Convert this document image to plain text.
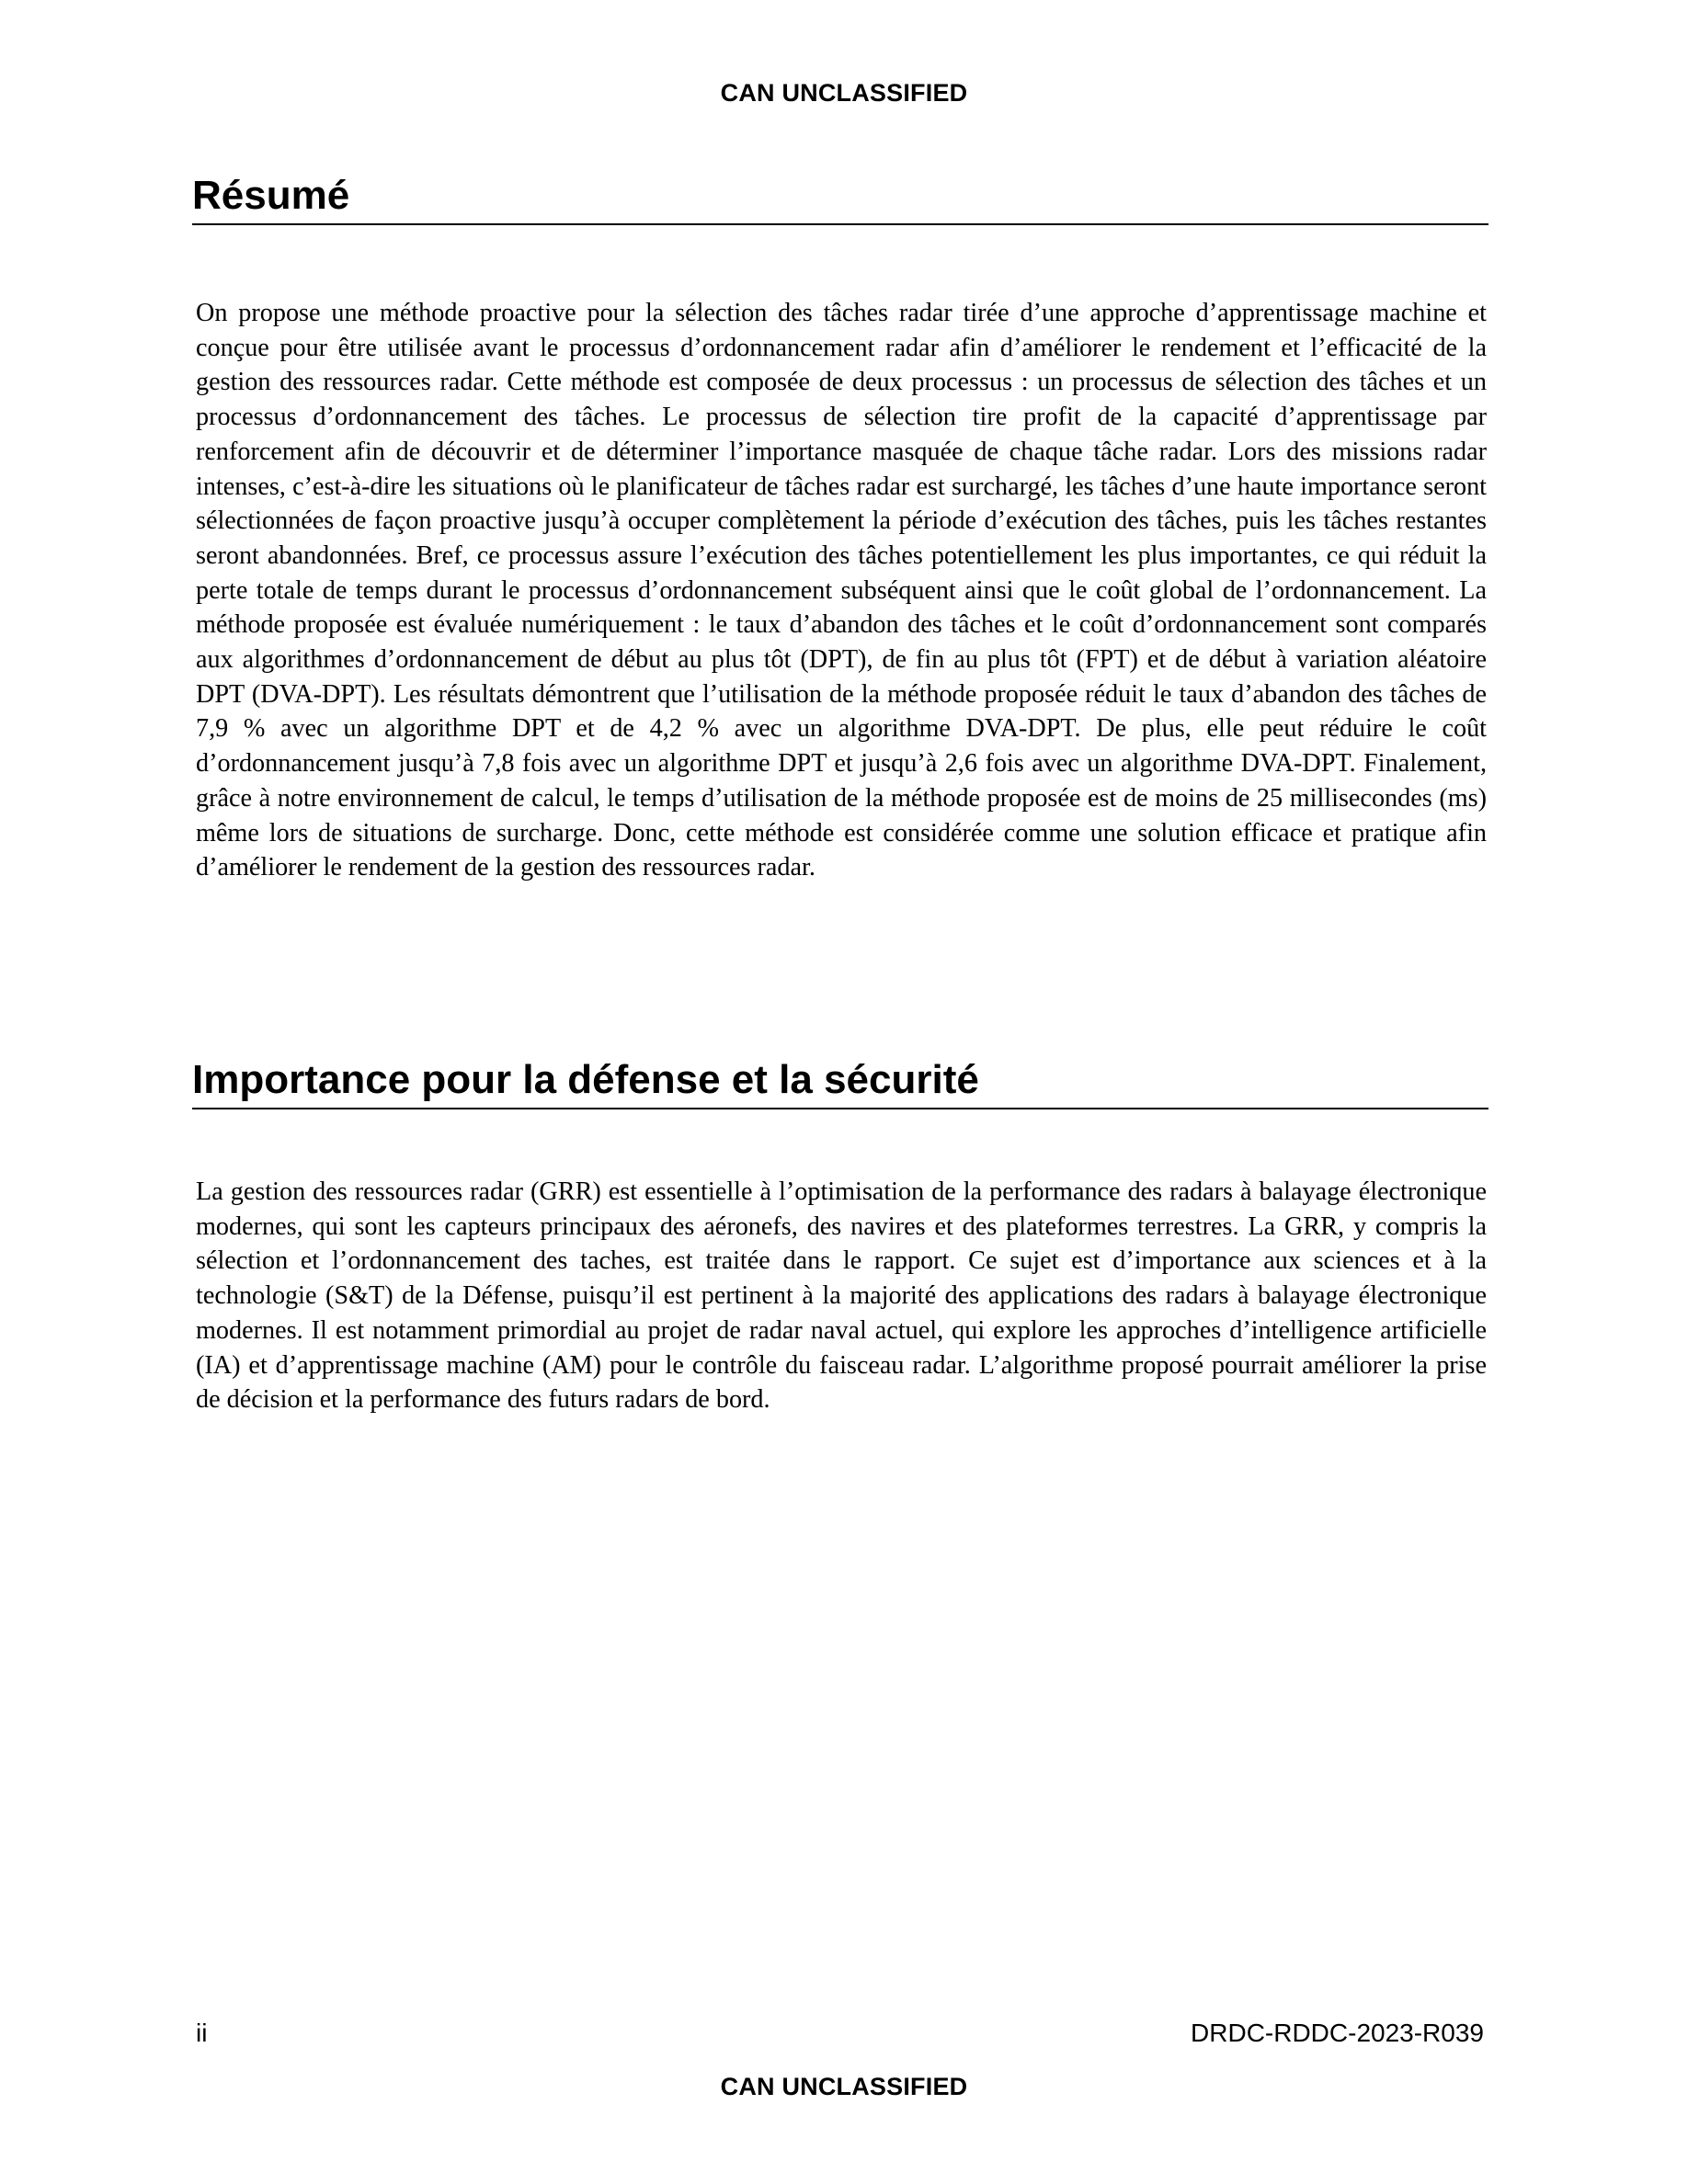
CAN UNCLASSIFIED
Résumé

On propose une méthode proactive pour la sélection des tâches radar tirée d’une approche d’apprentissage machine et conçue pour être utilisée avant le processus d’ordonnancement radar afin d’améliorer le rendement et l’efficacité de la gestion des ressources radar. Cette méthode est composée de deux processus : un processus de sélection des tâches et un processus d’ordonnancement des tâches. Le processus de sélection tire profit de la capacité d’apprentissage par renforcement afin de découvrir et de déterminer l’importance masquée de chaque tâche radar. Lors des missions radar intenses, c’est-à-dire les situations où le planificateur de tâches radar est surchargé, les tâches d’une haute importance seront sélectionnées de façon proactive jusqu’à occuper complètement la période d’exécution des tâches, puis les tâches restantes seront abandonnées. Bref, ce processus assure l’exécution des tâches potentiellement les plus importantes, ce qui réduit la perte totale de temps durant le processus d’ordonnancement subséquent ainsi que le coût global de l’ordonnancement. La méthode proposée est évaluée numériquement : le taux d’abandon des tâches et le coût d’ordonnancement sont comparés aux algorithmes d’ordonnancement de début au plus tôt (DPT), de fin au plus tôt (FPT) et de début à variation aléatoire DPT (DVA-DPT). Les résultats démontrent que l’utilisation de la méthode proposée réduit le taux d’abandon des tâches de 7,9 % avec un algorithme DPT et de 4,2 % avec un algorithme DVA-DPT. De plus, elle peut réduire le coût d’ordonnancement jusqu’à 7,8 fois avec un algorithme DPT et jusqu’à 2,6 fois avec un algorithme DVA-DPT. Finalement, grâce à notre environnement de calcul, le temps d’utilisation de la méthode proposée est de moins de 25 millisecondes (ms) même lors de situations de surcharge. Donc, cette méthode est considérée comme une solution efficace et pratique afin d’améliorer le rendement de la gestion des ressources radar.

Importance pour la défense et la sécurité

La gestion des ressources radar (GRR) est essentielle à l’optimisation de la performance des radars à balayage électronique modernes, qui sont les capteurs principaux des aéronefs, des navires et des plateformes terrestres. La GRR, y compris la sélection et l’ordonnancement des taches, est traitée dans le rapport. Ce sujet est d’importance aux sciences et à la technologie (S&T) de la Défense, puisqu’il est pertinent à la majorité des applications des radars à balayage électronique modernes. Il est notamment primordial au projet de radar naval actuel, qui explore les approches d’intelligence artificielle (IA) et d’apprentissage machine (AM) pour le contrôle du faisceau radar. L’algorithme proposé pourrait améliorer la prise de décision et la performance des futurs radars de bord.

ii	DRDC-RDDC-2023-R039
CAN UNCLASSIFIED
